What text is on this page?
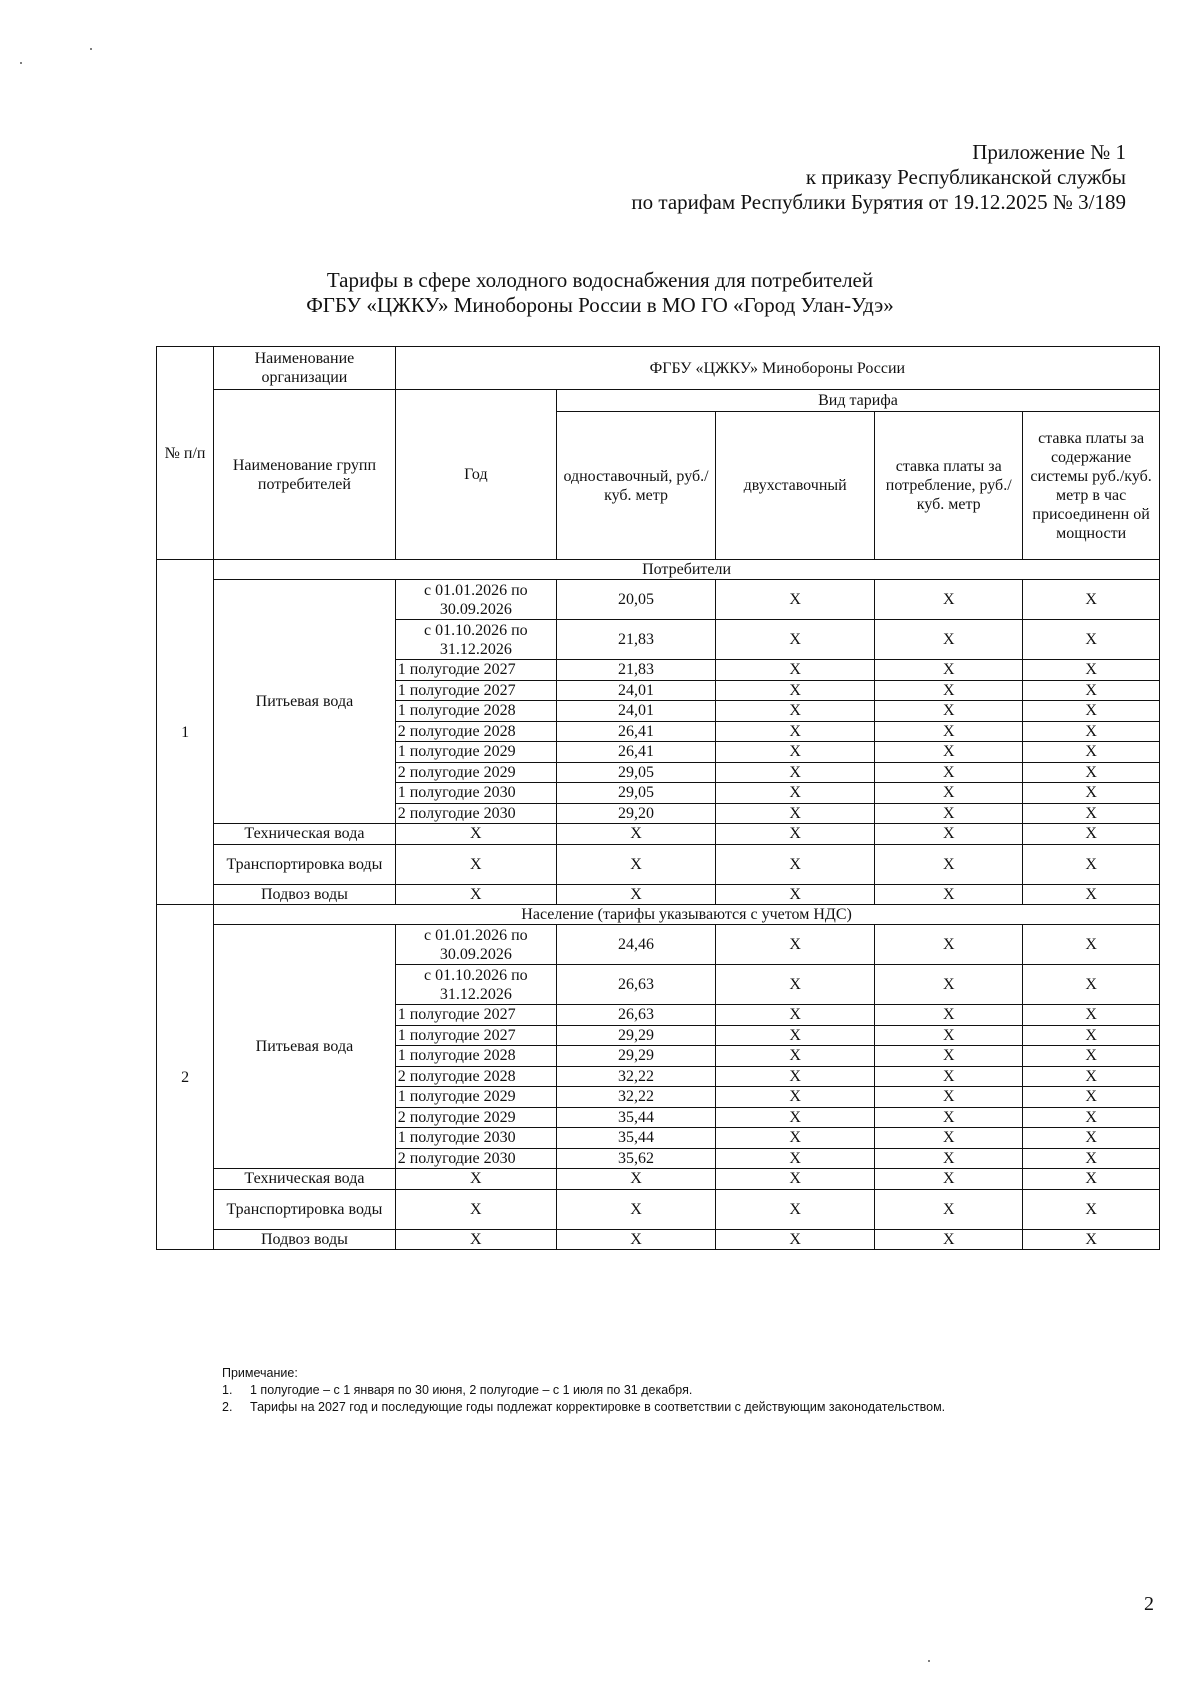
Приложение № 1
к приказу Республиканской службы
по тарифам Республики Бурятия от 19.12.2025 № 3/189
Тарифы в сфере холодного водоснабжения для потребителей
ФГБУ «ЦЖКУ» Минобороны России в МО ГО «Город Улан-Удэ»
№ п/п	Наименование организации	ФГБУ «ЦЖКУ» Минобороны России				
	Наименование групп потребителей	Год	Вид тарифа			
			одноставочный, руб./ куб. метр	двухставочный	ставка платы за потребление, руб./ куб. метр	ставка платы за содержание системы руб./куб. метр в час присоединенн ой мощности
1	Потребители					
	Питьевая вода	с 01.01.2026 по 30.09.2026	20,05	X	X	X
		с 01.10.2026 по 31.12.2026	21,83	X	X	X
		1 полугодие 2027	21,83	X	X	X
		1 полугодие 2027	24,01	X	X	X
		1 полугодие 2028	24,01	X	X	X
		2 полугодие 2028	26,41	X	X	X
		1 полугодие 2029	26,41	X	X	X
		2 полугодие 2029	29,05	X	X	X
		1 полугодие 2030	29,05	X	X	X
		2 полугодие 2030	29,20	X	X	X
	Техническая вода	X	X	X	X	X
	Транспортировка воды	X	X	X	X	X
	Подвоз воды	X	X	X	X	X
2	Население (тарифы указываются с учетом НДС)					
	Питьевая вода	с 01.01.2026 по 30.09.2026	24,46	X	X	X
		с 01.10.2026 по 31.12.2026	26,63	X	X	X
		1 полугодие 2027	26,63	X	X	X
		1 полугодие 2027	29,29	X	X	X
		1 полугодие 2028	29,29	X	X	X
		2 полугодие 2028	32,22	X	X	X
		1 полугодие 2029	32,22	X	X	X
		2 полугодие 2029	35,44	X	X	X
		1 полугодие 2030	35,44	X	X	X
		2 полугодие 2030	35,62	X	X	X
	Техническая вода	X	X	X	X	X
	Транспортировка воды	X	X	X	X	X
	Подвоз воды	X	X	X	X	X
Примечание:
1.	1 полугодие – с 1 января по 30 июня, 2 полугодие – с 1 июля по 31 декабря.
2.	Тарифы на 2027 год и последующие годы подлежат корректировке в соответствии с действующим законодательством.
2
